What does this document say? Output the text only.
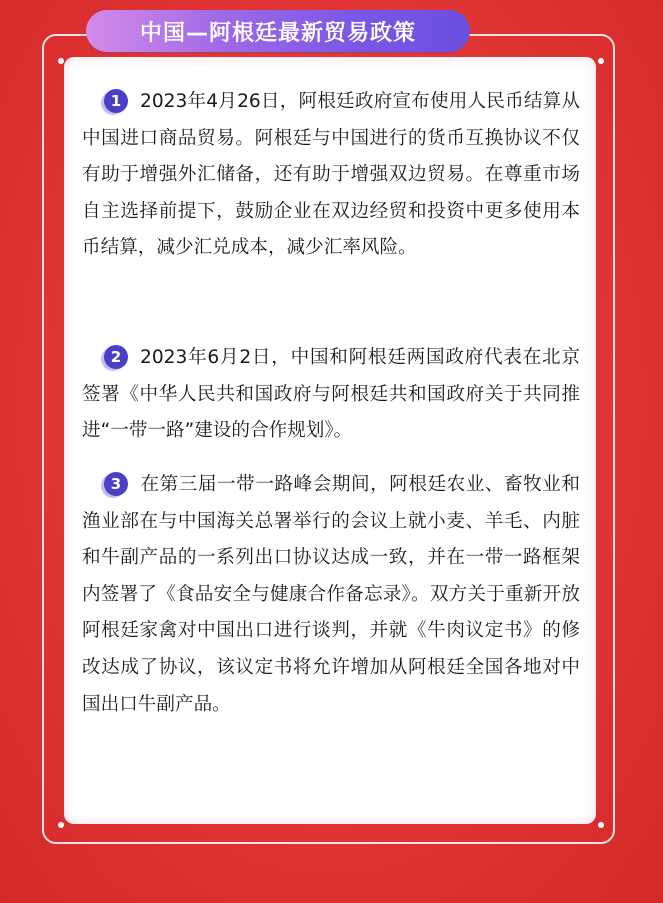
中国—阿根廷最新贸易政策

1 2023年4月26日，阿根廷政府宣布使用人民币结算从中国进口商品贸易。阿根廷与中国进行的货币互换协议不仅有助于增强外汇储备，还有助于增强双边贸易。在尊重市场自主选择前提下，鼓励企业在双边经贸和投资中更多使用本币结算，减少汇兑成本，减少汇率风险。

2 2023年6月2日，中国和阿根廷两国政府代表在北京签署《中华人民共和国政府与阿根廷共和国政府关于共同推进“一带一路”建设的合作规划》。

3 在第三届一带一路峰会期间，阿根廷农业、畜牧业和渔业部在与中国海关总署举行的会议上就小麦、羊毛、内脏和牛副产品的一系列出口协议达成一致，并在一带一路框架内签署了《食品安全与健康合作备忘录》。双方关于重新开放阿根廷家禽对中国出口进行谈判，并就《牛肉议定书》的修改达成了协议，该议定书将允许增加从阿根廷全国各地对中国出口牛副产品。
